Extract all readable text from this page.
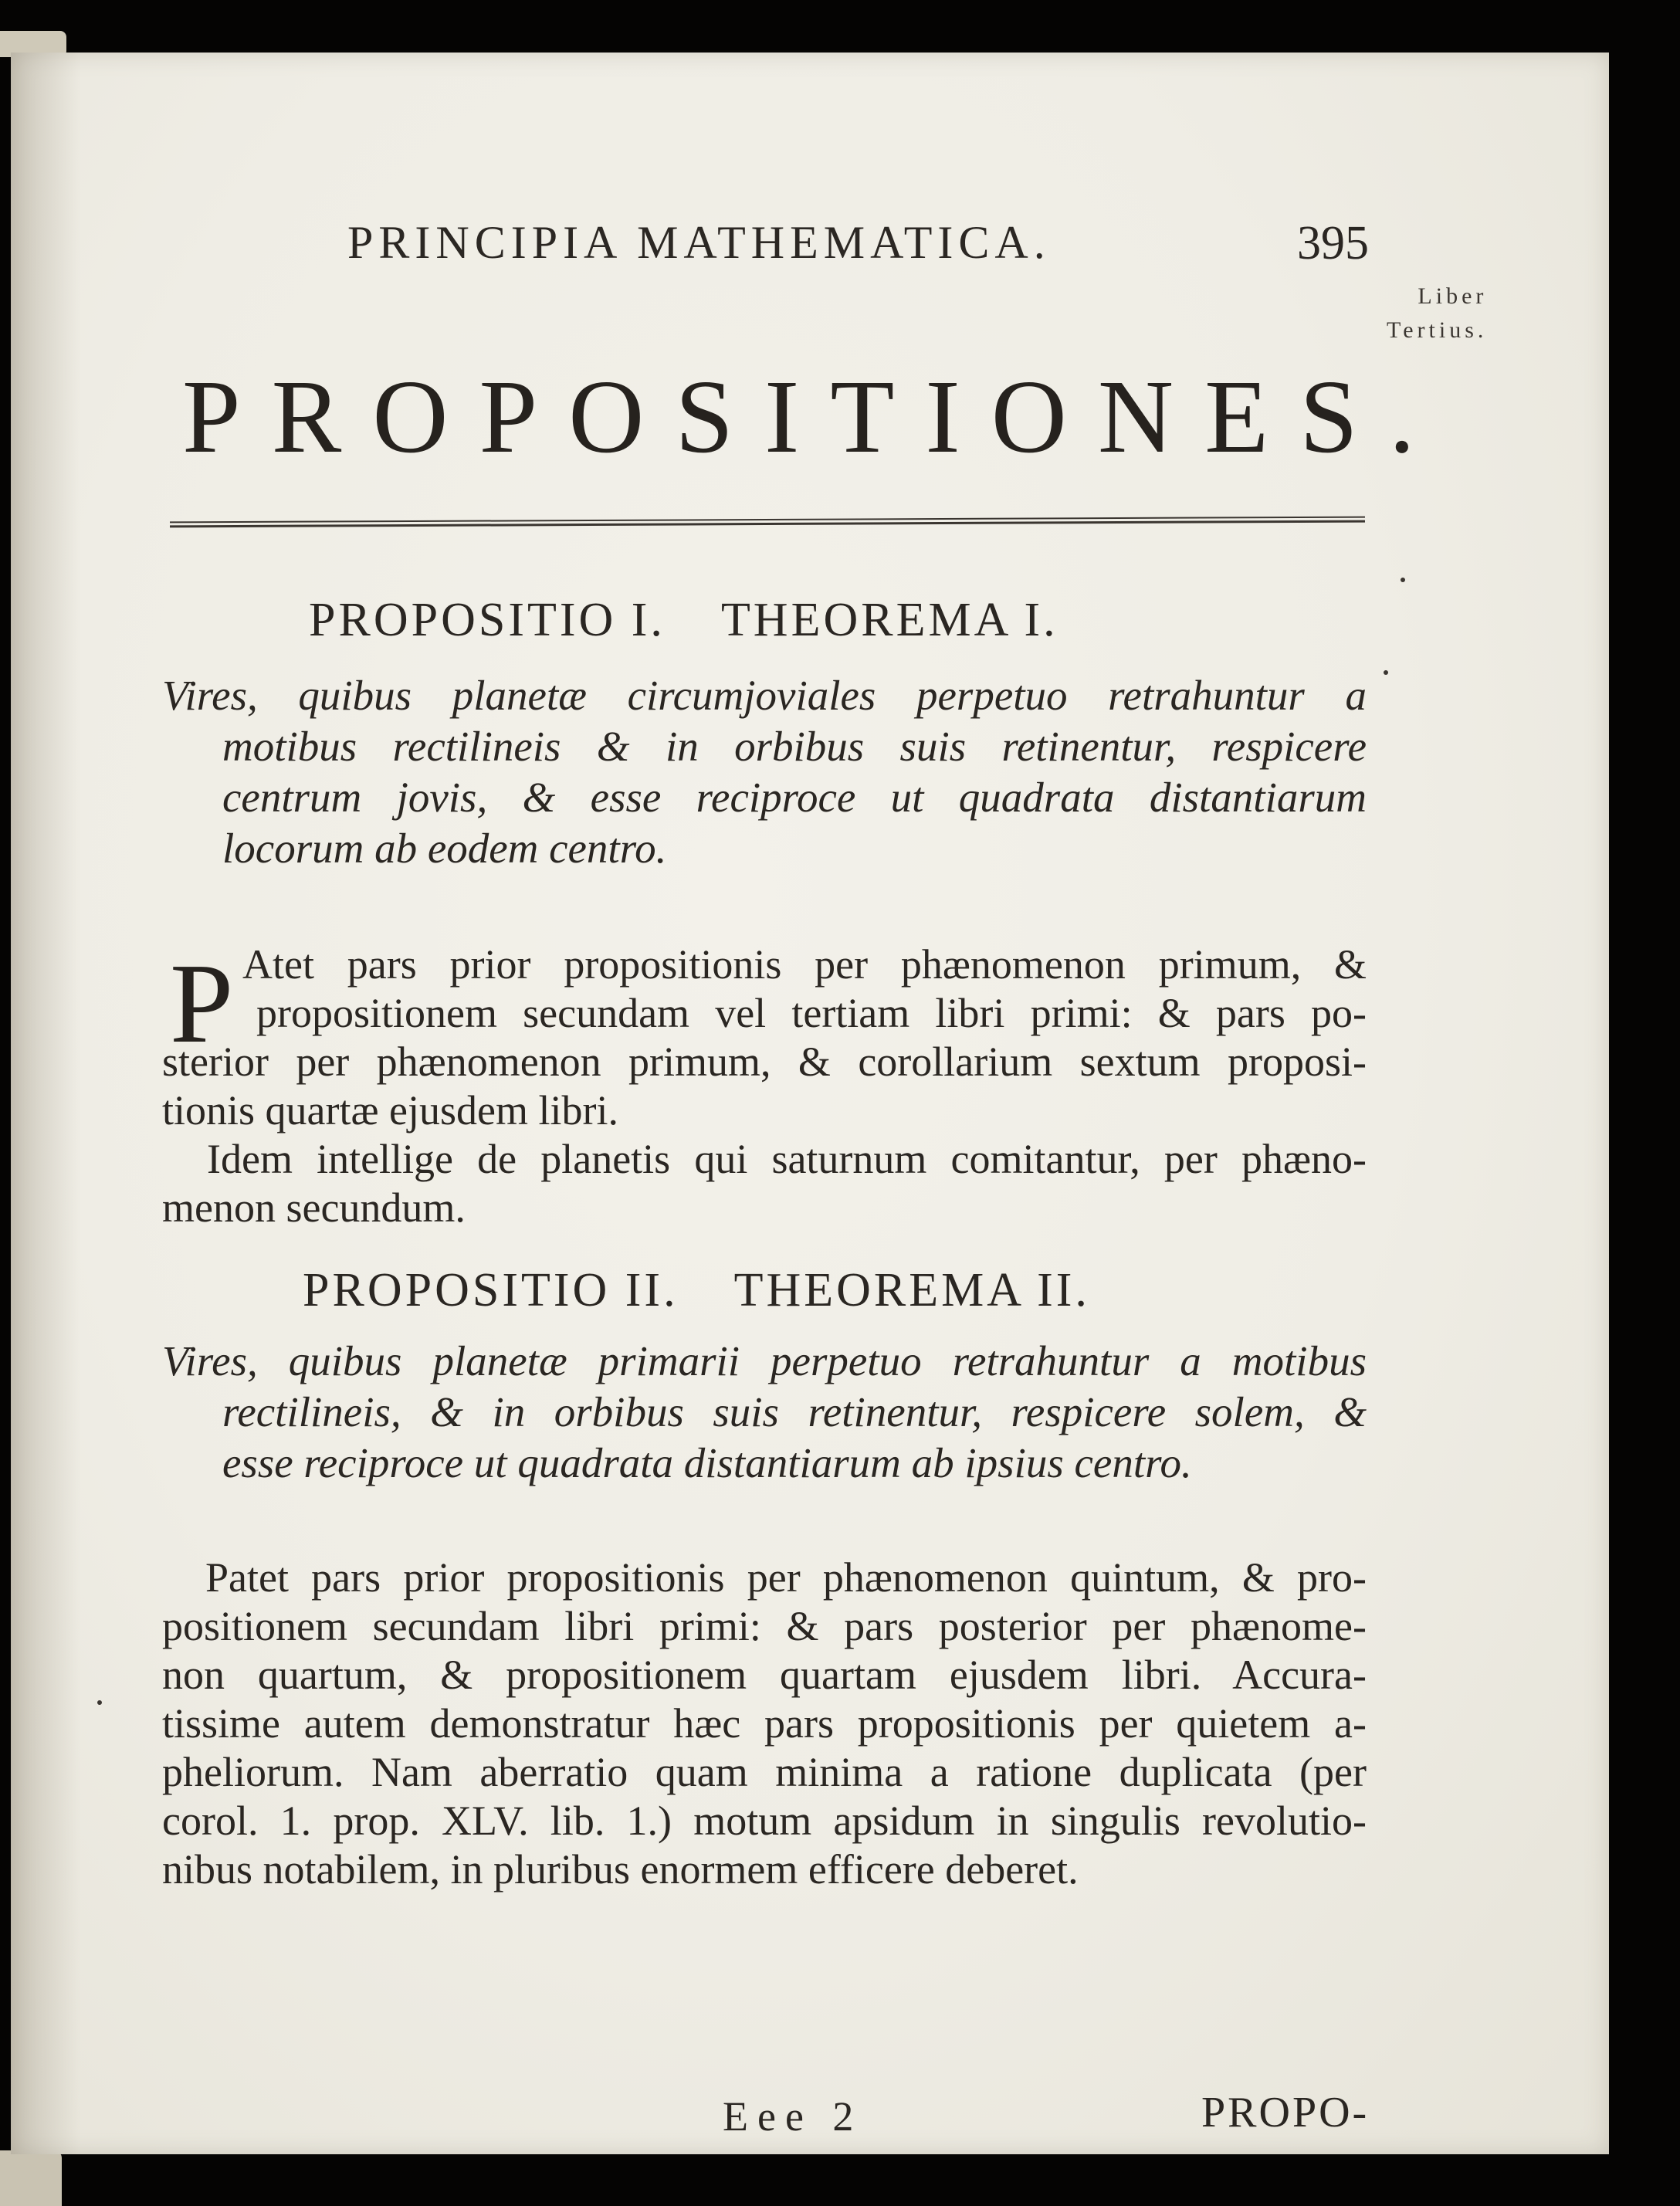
PRINCIPIA MATHEMATICA.	395
Liber
Tertius.
PROPOSITIONES.
PROPOSITIO I. THEOREMA I.
Vires, quibus planetæ circumjoviales perpetuo retrahuntur a
motibus rectilineis & in orbibus suis retinentur, respicere
centrum jovis, & esse reciproce ut quadrata distantiarum
locorum ab eodem centro.
P Atet pars prior propositionis per phænomenon primum, &
propositionem secundam vel tertiam libri primi: & pars po-
sterior per phænomenon primum, & corollarium sextum proposi-
tionis quartæ ejusdem libri.
Idem intellige de planetis qui saturnum comitantur, per phæno-
menon secundum.
PROPOSITIO II. THEOREMA II.
Vires, quibus planetæ primarii perpetuo retrahuntur a motibus
rectilineis, & in orbibus suis retinentur, respicere solem, &
esse reciproce ut quadrata distantiarum ab ipsius centro.
Patet pars prior propositionis per phænomenon quintum, & pro-
positionem secundam libri primi: & pars posterior per phænome-
non quartum, & propositionem quartam ejusdem libri. Accura-
tissime autem demonstratur hæc pars propositionis per quietem a-
pheliorum. Nam aberratio quam minima a ratione duplicata (per
corol. 1. prop. XLV. lib. 1.) motum apsidum in singulis revolutio-
nibus notabilem, in pluribus enormem efficere deberet.
Eee 2	PROPO-
